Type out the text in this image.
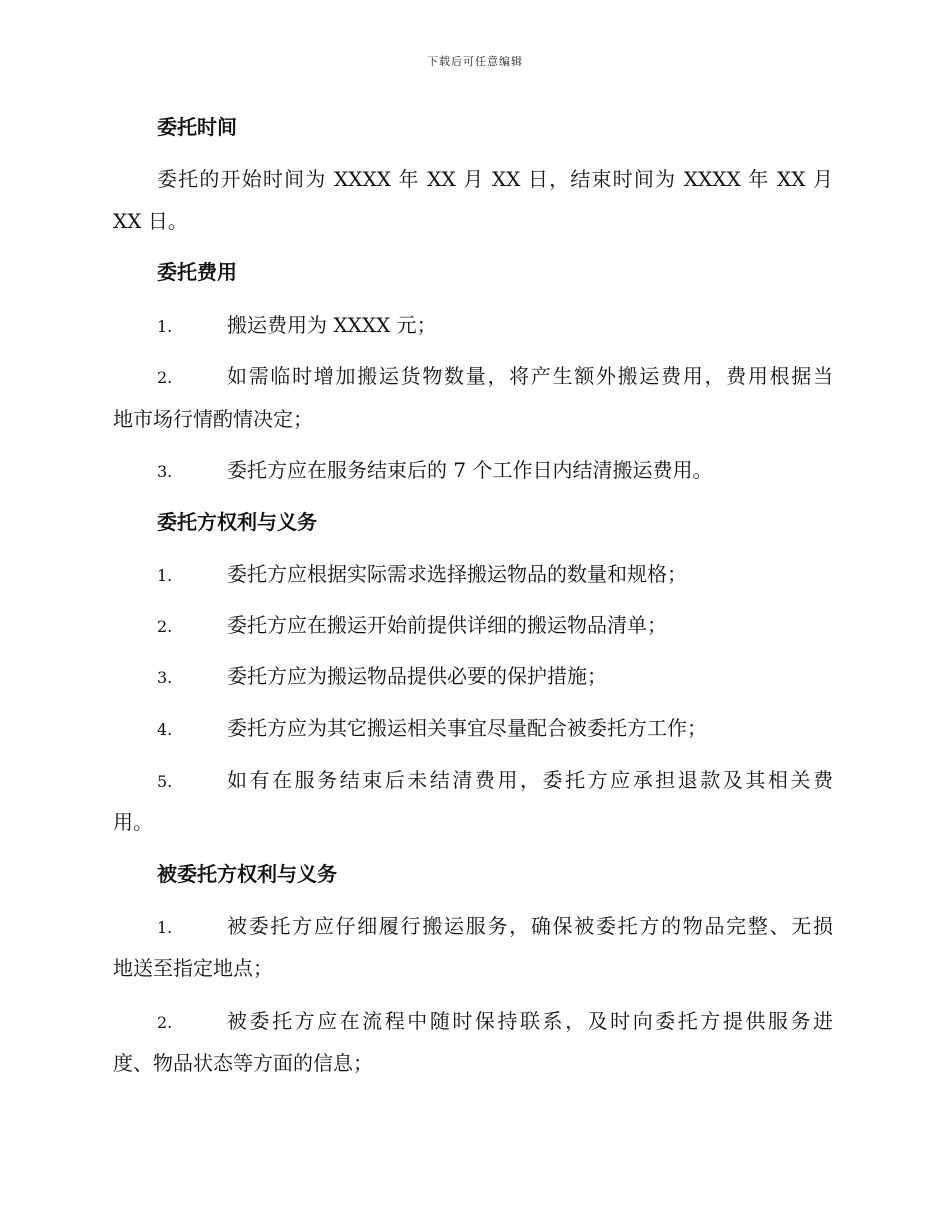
下载后可任意编辑
委托时间
委托的开始时间为 XXXX 年 XX 月 XX 日，结束时间为 XXXX 年 XX 月
XX 日。
委托费用
1.	搬运费用为 XXXX 元；
2.	如需临时增加搬运货物数量，将产生额外搬运费用，费用根据当
地市场行情酌情决定；
3.	委托方应在服务结束后的 7 个工作日内结清搬运费用。
委托方权利与义务
1.	委托方应根据实际需求选择搬运物品的数量和规格；
2.	委托方应在搬运开始前提供详细的搬运物品清单；
3.	委托方应为搬运物品提供必要的保护措施；
4.	委托方应为其它搬运相关事宜尽量配合被委托方工作；
5.	如有在服务结束后未结清费用，委托方应承担退款及其相关费
用。
被委托方权利与义务
1.	被委托方应仔细履行搬运服务，确保被委托方的物品完整、无损
地送至指定地点；
2.	被委托方应在流程中随时保持联系，及时向委托方提供服务进
度、物品状态等方面的信息；
